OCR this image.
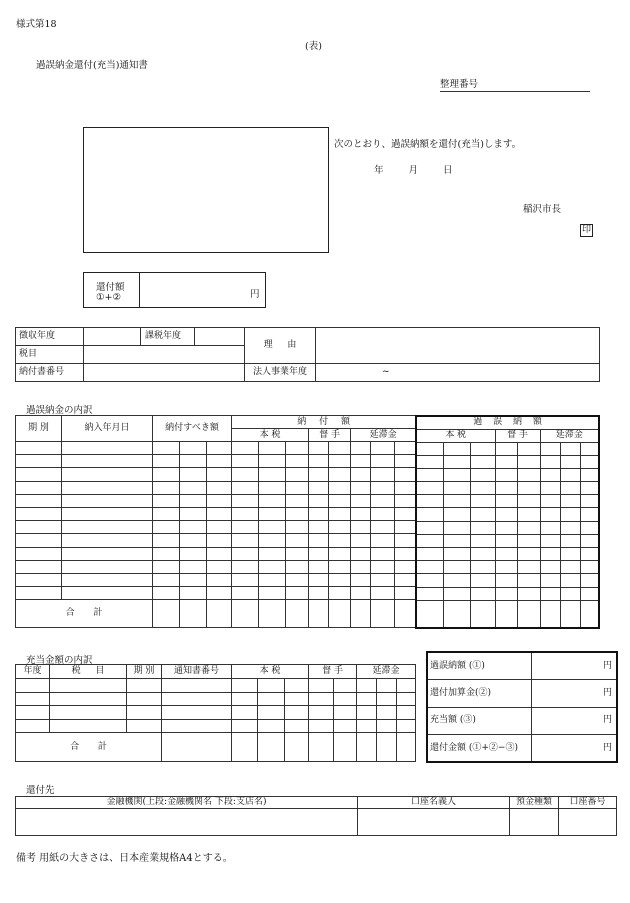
様式第18
(表)
過誤納金還付(充当)通知書
整理番号
次のとおり、過誤納額を還付(充当)します。
年 月 日
稲沢市長
印
還付額
①+②	円
徴収年度		課税年度		理 由	
税目					
納付書番号				法人事業年度	~
過誤納金の内訳
期 別	納入年月日	納付すべき額			納 付 額							
					本 税			督 手		延滞金		

合 計												
過 誤 納 額							
本 税			督 手		延滞金		

充当金額の内訳
年度	税 目	期 別	通知書番号	本 税			督 手		延滞金		

合 計											
過誤納額 (①)	円
還付加算金(②)	円
充当額 (③)	円
還付金額 (①+②−③)	円
還付先
金融機関(上段:金融機関名 下段:支店名)	口座名義人	預金種類	口座番号

備考 用紙の大きさは、日本産業規格A4とする。
